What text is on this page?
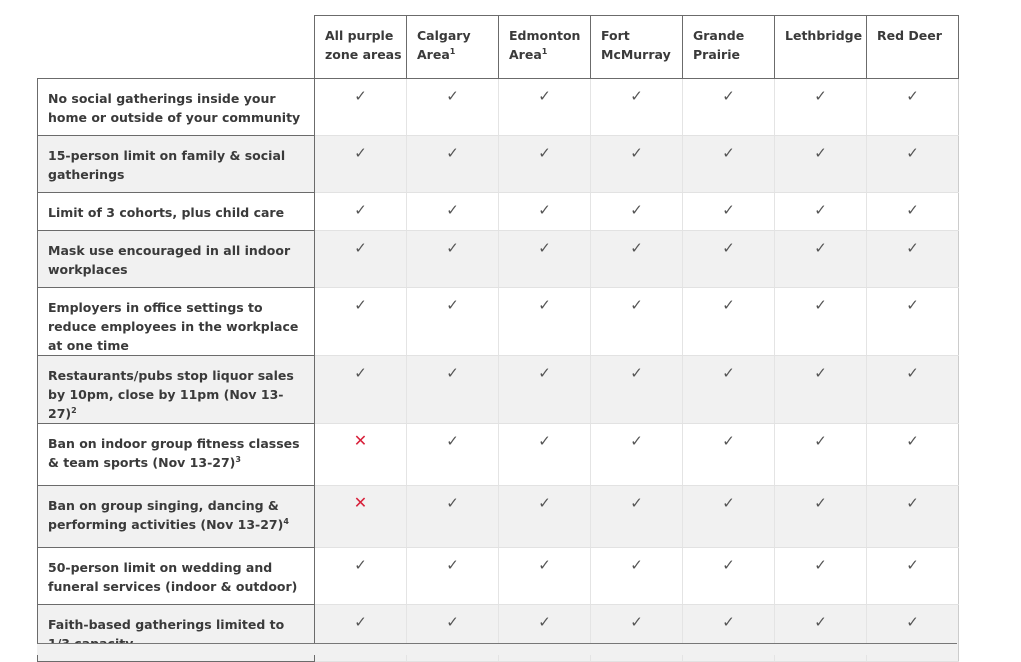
	All purple zone areas	Calgary Area$^1$	Edmonton Area$^1$	Fort McMurray	Grande Prairie	Lethbridge	Red Deer

No social gatherings inside your home or outside of your community	✓	✓	✓	✓	✓	✓	✓

15-person limit on family & social gatherings	✓	✓	✓	✓	✓	✓	✓

Limit of 3 cohorts, plus child care	✓	✓	✓	✓	✓	✓	✓

Mask use encouraged in all indoor workplaces	✓	✓	✓	✓	✓	✓	✓

Employers in office settings to reduce employees in the workplace at one time	✓	✓	✓	✓	✓	✓	✓

Restaurants/pubs stop liquor sales by 10pm, close by 11pm (Nov 13-27)$^2$	✓	✓	✓	✓	✓	✓	✓

Ban on indoor group fitness classes & team sports (Nov 13-27)$^3$	✕	✓	✓	✓	✓	✓	✓

Ban on group singing, dancing & performing activities (Nov 13-27)$^4$	✕	✓	✓	✓	✓	✓	✓

50-person limit on wedding and funeral services (indoor & outdoor)	✓	✓	✓	✓	✓	✓	✓

Faith-based gatherings limited to	✓	✓	✓	✓	✓	✓	✓
